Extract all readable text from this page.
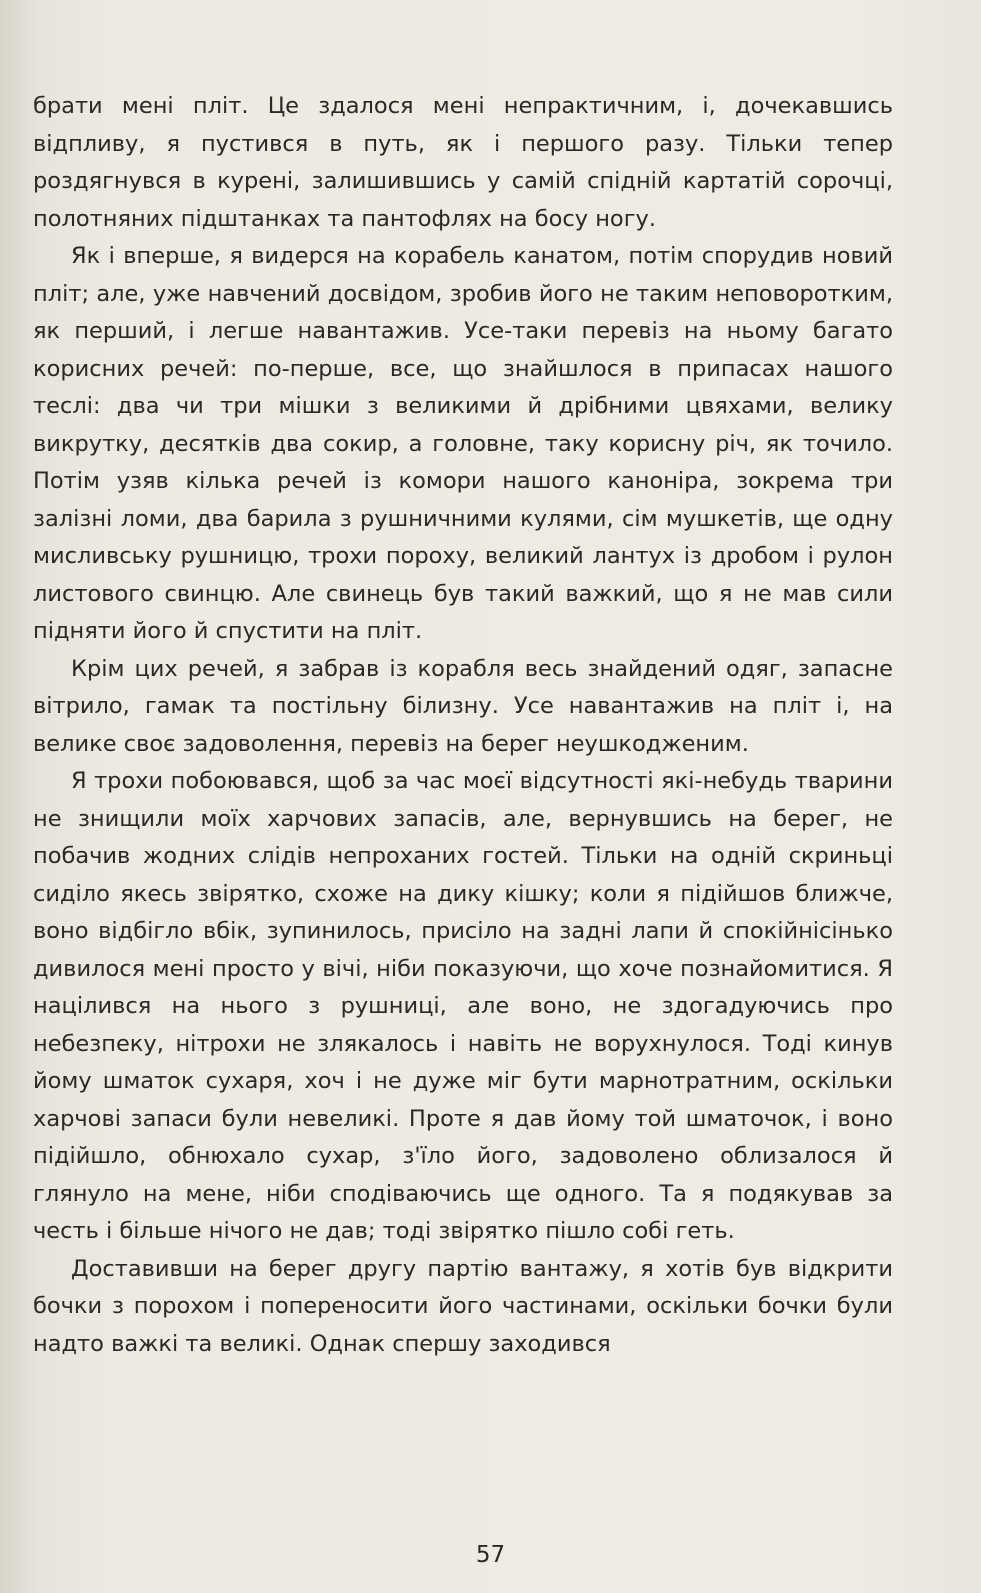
брати мені пліт. Це здалося мені непрактичним, і, дочекавшись відпливу, я пустився в путь, як і першого разу. Тільки тепер роздягнувся в курені, залишившись у самій спідній картатій сорочці, полотняних підштанках та пантофлях на босу ногу.

Як і вперше, я видерся на корабель канатом, потім спорудив новий пліт; але, уже навчений досвідом, зробив його не таким неповоротким, як перший, і легше навантажив. Усе-таки перевіз на ньому багато корисних речей: по-перше, все, що знайшлося в припасах нашого теслі: два чи три мішки з великими й дрібними цвяхами, велику викрутку, десятків два сокир, а головне, таку корисну річ, як точило. Потім узяв кілька речей із комори нашого каноніра, зокрема три залізні ломи, два барила з рушничними кулями, сім мушкетів, ще одну мисливську рушницю, трохи пороху, великий лантух із дробом і рулон листового свинцю. Але свинець був такий важкий, що я не мав сили підняти його й спустити на пліт.

Крім цих речей, я забрав із корабля весь знайдений одяг, запасне вітрило, гамак та постільну білизну. Усе навантажив на пліт і, на велике своє задоволення, перевіз на берег неушкодженим.

Я трохи побоювався, щоб за час моєї відсутності які-небудь тварини не знищили моїх харчових запасів, але, вернувшись на берег, не побачив жодних слідів непроханих гостей. Тільки на одній скриньці сиділо якесь звірятко, схоже на дику кішку; коли я підійшов ближче, воно відбігло вбік, зупинилось, присіло на задні лапи й спокійнісінько дивилося мені просто у вічі, ніби показуючи, що хоче познайомитися. Я націлився на нього з рушниці, але воно, не здогадуючись про небезпеку, нітрохи не злякалось і навіть не ворухнулося. Тоді кинув йому шматок сухаря, хоч і не дуже міг бути марнотратним, оскільки харчові запаси були невеликі. Проте я дав йому той шматочок, і воно підійшло, обнюхало сухар, з'їло його, задоволено облизалося й глянуло на мене, ніби сподіваючись ще одного. Та я подякував за честь і більше нічого не дав; тоді звірятко пішло собі геть.

Доставивши на берег другу партію вантажу, я хотів був відкрити бочки з порохом і попереносити його частинами, оскільки бочки були надто важкі та великі. Однак спершу заходився

57
